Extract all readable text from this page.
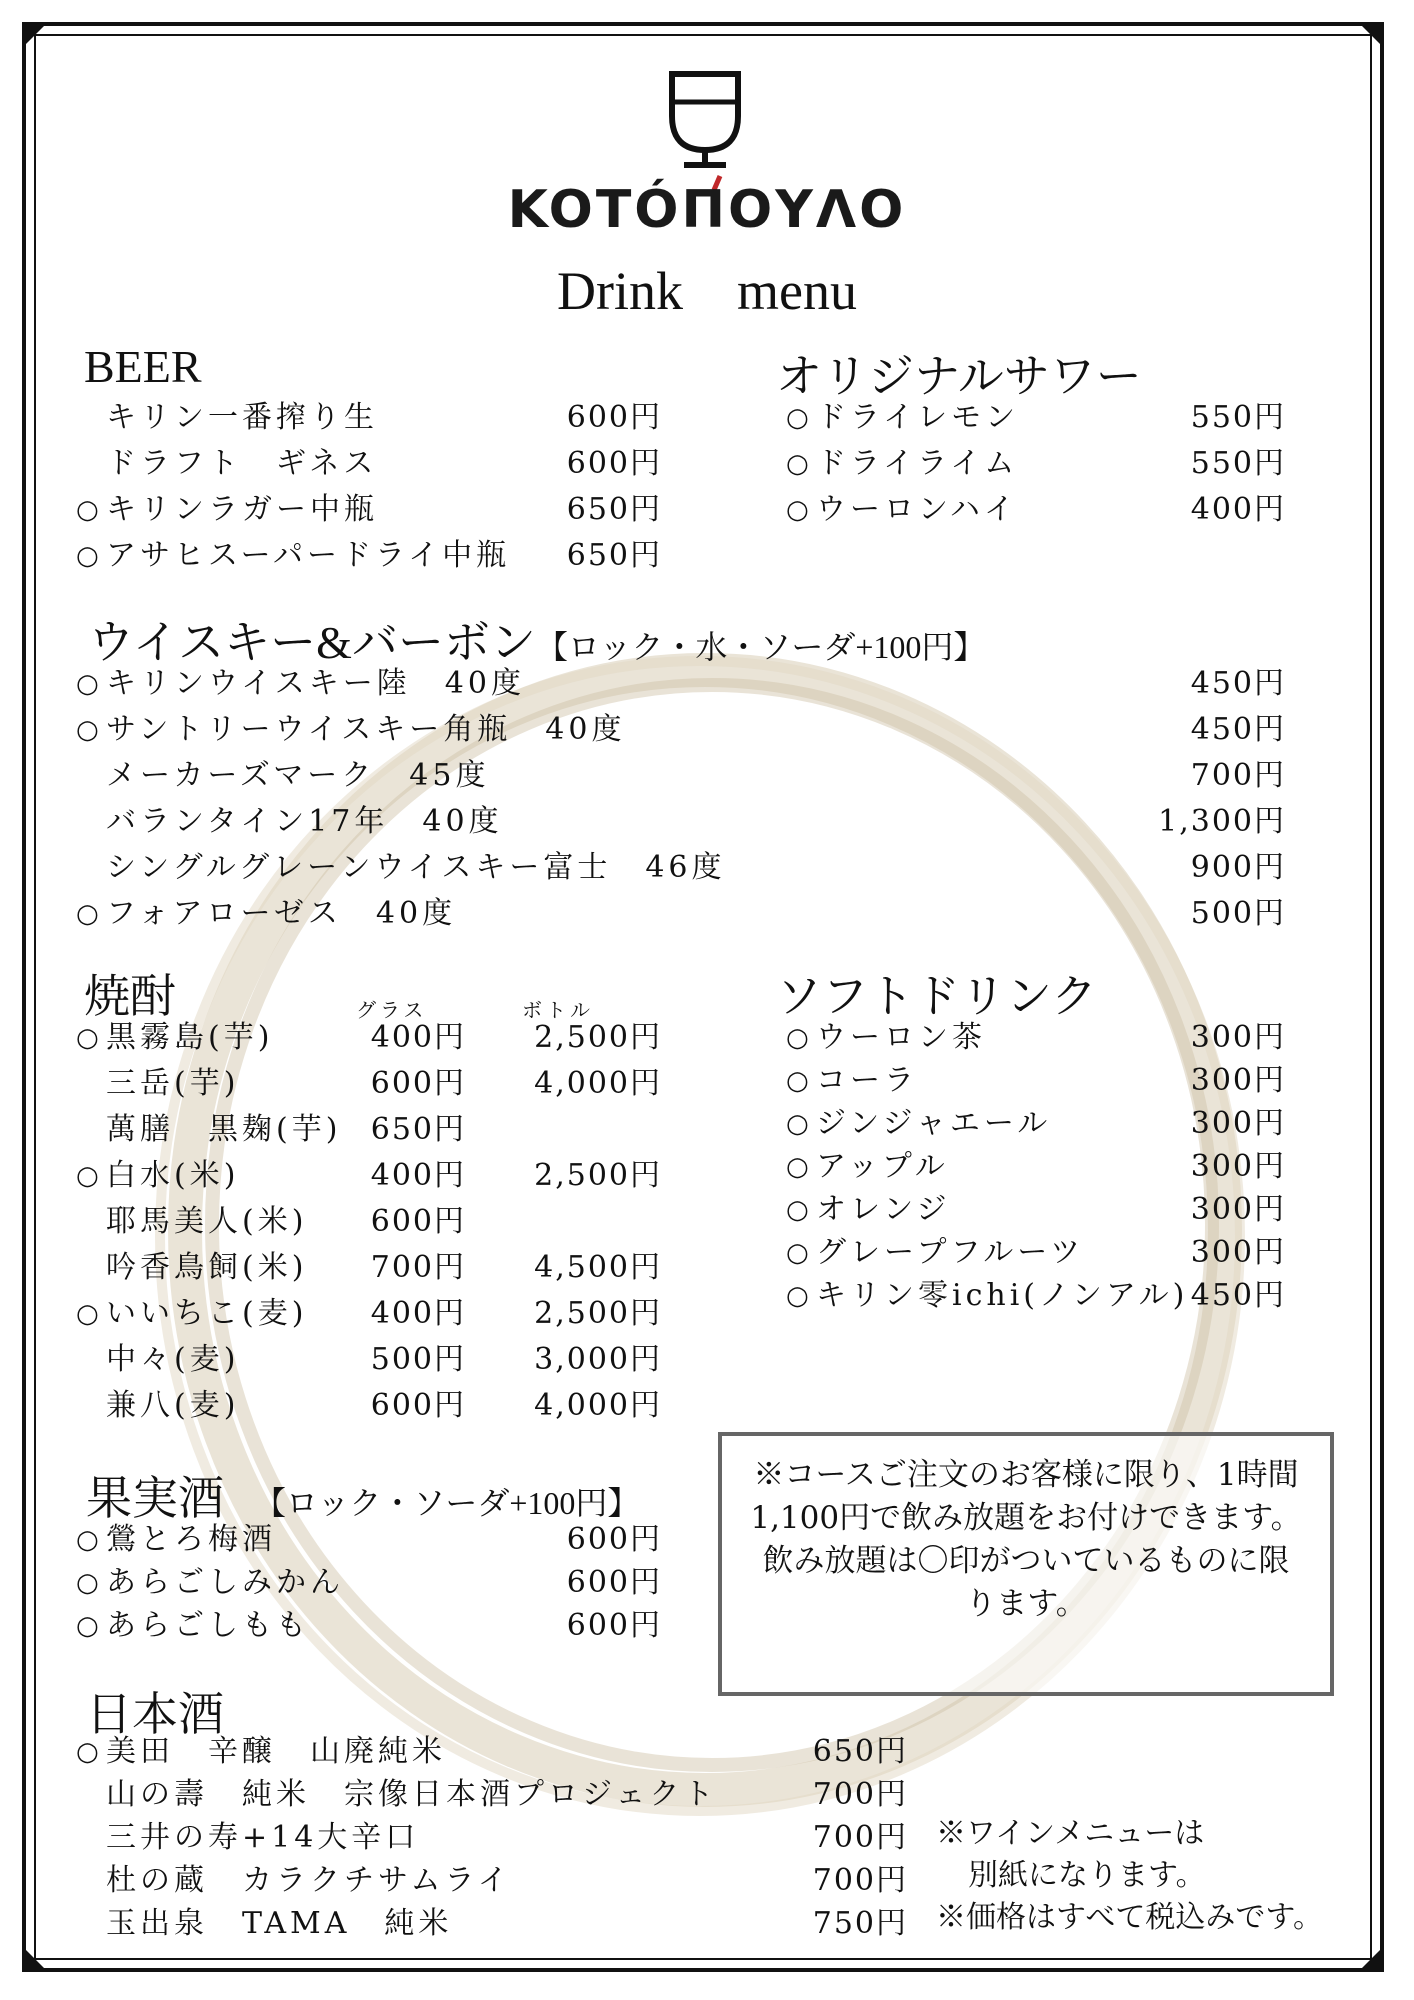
KOTÓΠΟΥΛΟ
Drink　menu
BEER
キリン一番搾り生	600円
ドラフト　ギネス	600円
○ キリンラガー中瓶	650円
○ アサヒスーパードライ中瓶 650円
オリジナルサワー
○ ドライレモン	550円
○ ドライライム	550円
○ ウーロンハイ	400円
ウイスキー&バーボン【ロック・水・ソーダ+100円】
○ キリンウイスキー陸　40度	450円
○ サントリーウイスキー角瓶　40度	450円
メーカーズマーク　45度	700円
バランタイン17年　40度	1,300円
シングルグレーンウイスキー富士　46度	900円
○ フォアローゼス　40度	500円
焼酎	グラス	ボトル
○ 黒霧島(芋)	400円 2,500円
三岳(芋)	600円 4,000円
萬膳　黒麹(芋) 650円
○ 白水(米)	400円 2,500円
耶馬美人(米) 600円
吟香鳥飼(米) 700円 4,500円
○ いいちこ(麦) 400円 2,500円
中々(麦)	500円 3,000円
兼八(麦)	600円 4,000円
ソフトドリンク
○ ウーロン茶	300円
○ コーラ	300円
○ ジンジャエール	300円
○ アップル	300円
○ オレンジ	300円
○ グレープフルーツ	300円
○ キリン零ichi(ノンアル) 450円
果実酒　 【ロック・ソーダ+100円】
○ 鶯とろ梅酒	600円
○ あらごしみかん	600円
○ あらごしもも	600円
日本酒
○ 美田　辛醸　山廃純米	650円
山の壽　純米　宗像日本酒プロジェクト	700円
三井の寿+14大辛口	700円
杜の蔵　カラクチサムライ	700円
玉出泉　TAMA　純米	750円
※コースご注文のお客様に限り、1時間
1,100円で飲み放題をお付けできます。
飲み放題は〇印がついているものに限
ります。
※ワインメニューは
別紙になります。
※価格はすべて税込みです。
